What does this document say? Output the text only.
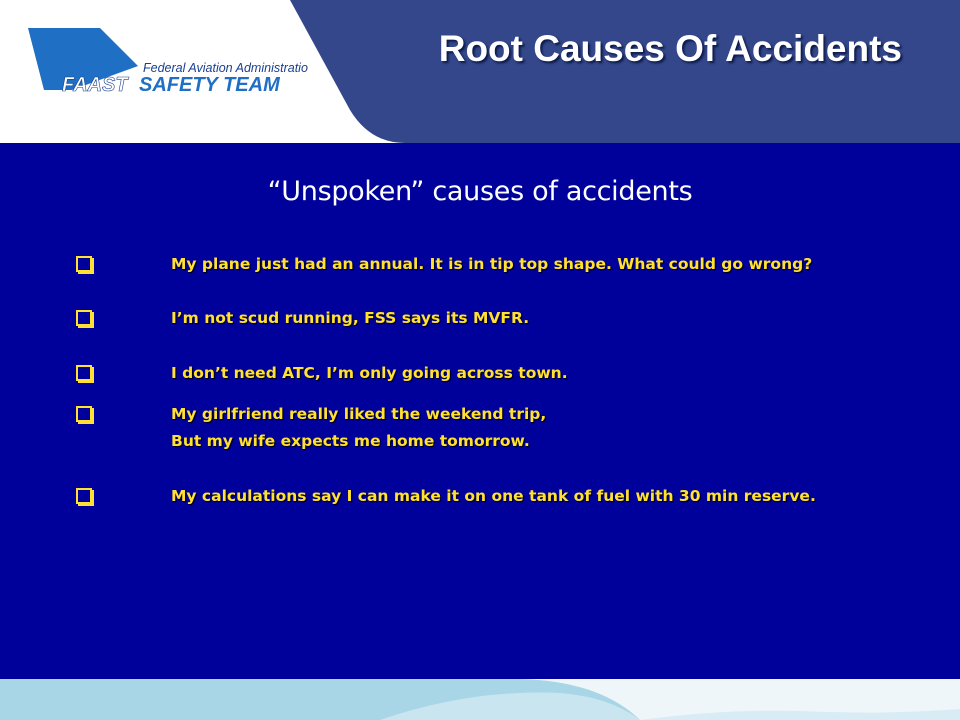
Federal Aviation Administration
FAAST SAFETY TEAM
Root Causes Of Accidents
“Unspoken” causes of accidents
My plane just had an annual. It is in tip top shape. What could go wrong?
I’m not scud running, FSS says its MVFR.
I don’t need ATC, I’m only going across town.
My girlfriend really liked the weekend trip,
But my wife expects me home tomorrow.
My calculations say I can make it on one tank of fuel with 30 min reserve.
